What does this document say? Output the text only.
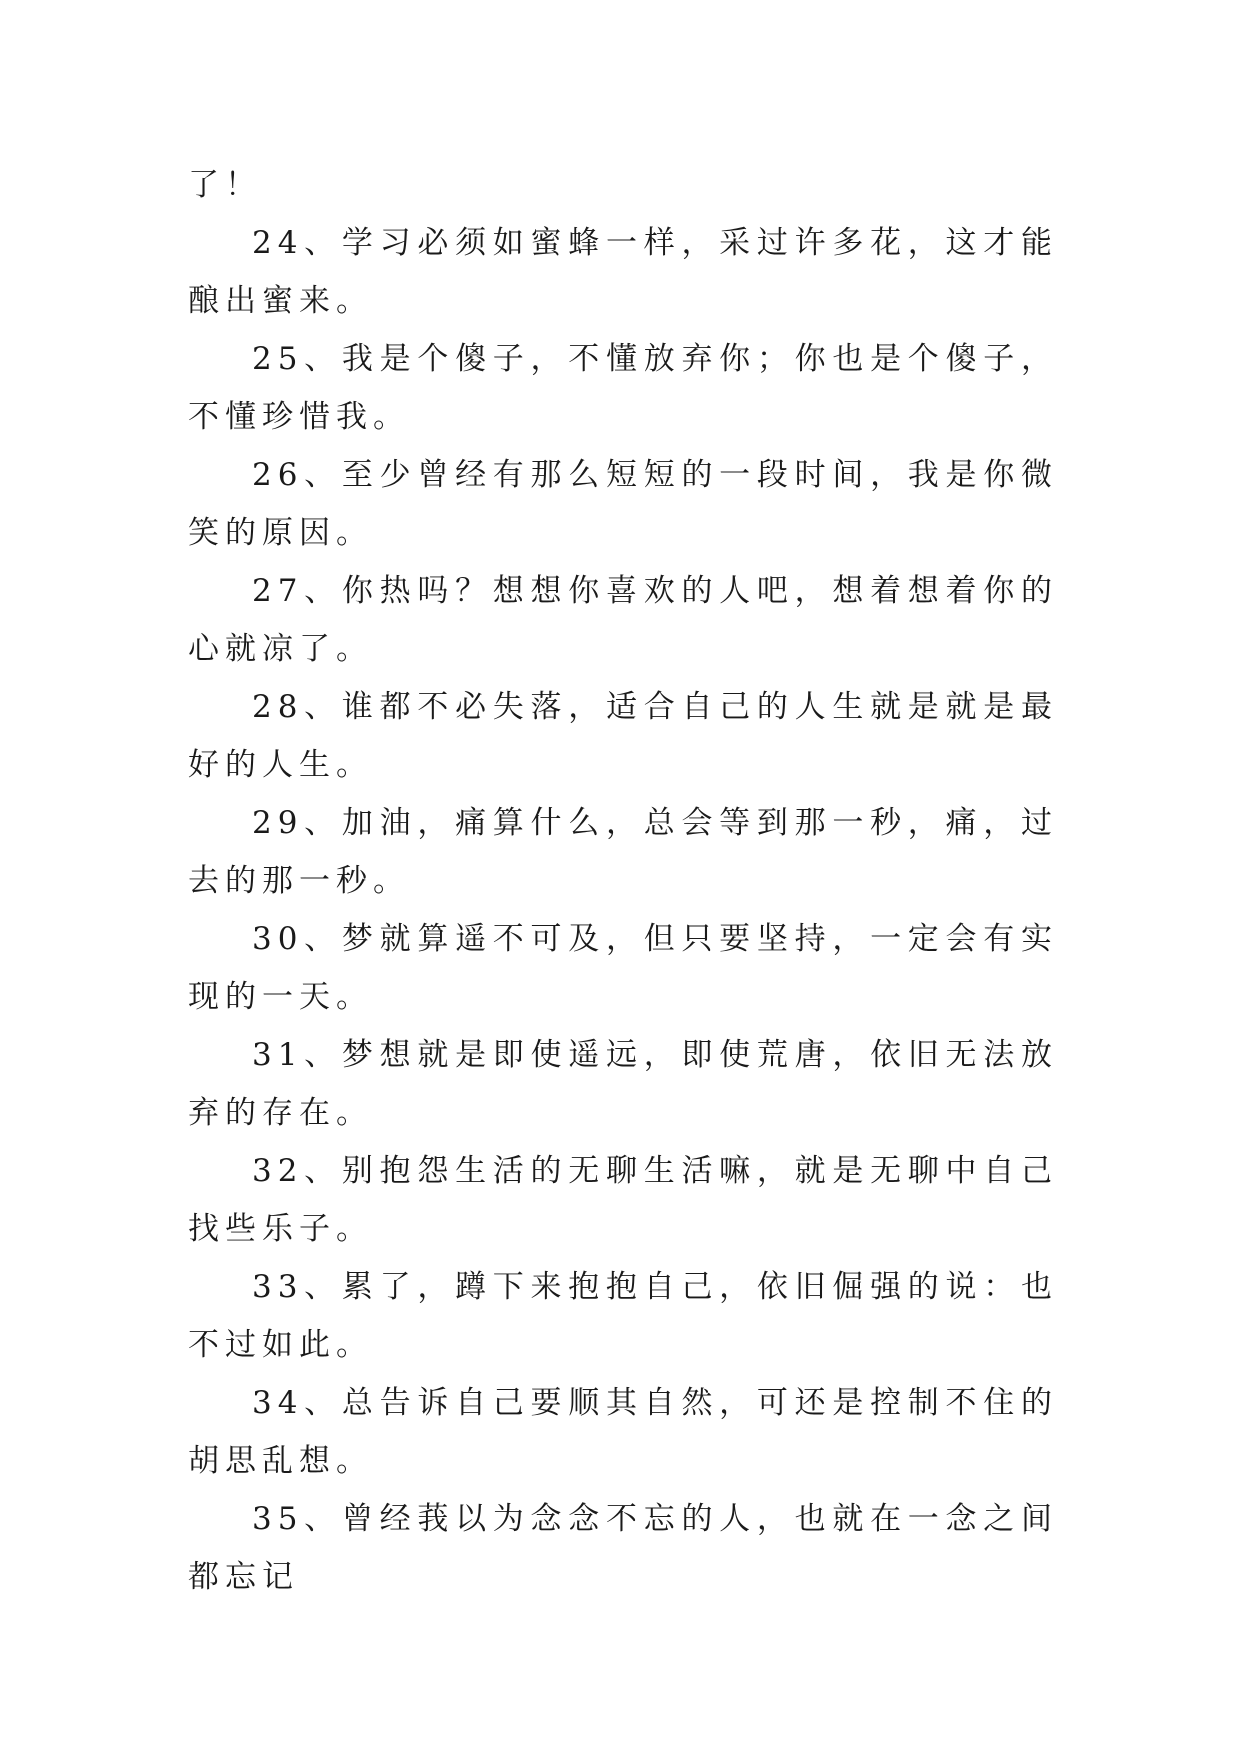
了！

24、学习必须如蜜蜂一样，采过许多花，这才能酿出蜜来。

25、我是个傻子，不懂放弃你；你也是个傻子，不懂珍惜我。

26、至少曾经有那么短短的一段时间，我是你微笑的原因。

27、你热吗？想想你喜欢的人吧，想着想着你的心就凉了。

28、谁都不必失落，适合自己的人生就是就是最好的人生。

29、加油，痛算什么，总会等到那一秒，痛，过去的那一秒。

30、梦就算遥不可及，但只要坚持，一定会有实现的一天。

31、梦想就是即使遥远，即使荒唐，依旧无法放弃的存在。

32、别抱怨生活的无聊生活嘛，就是无聊中自己找些乐子。

33、累了，蹲下来抱抱自己，依旧倔强的说：也不过如此。

34、总告诉自己要顺其自然，可还是控制不住的胡思乱想。

35、曾经莪以为念念不忘的人，也就在一念之间都忘记
